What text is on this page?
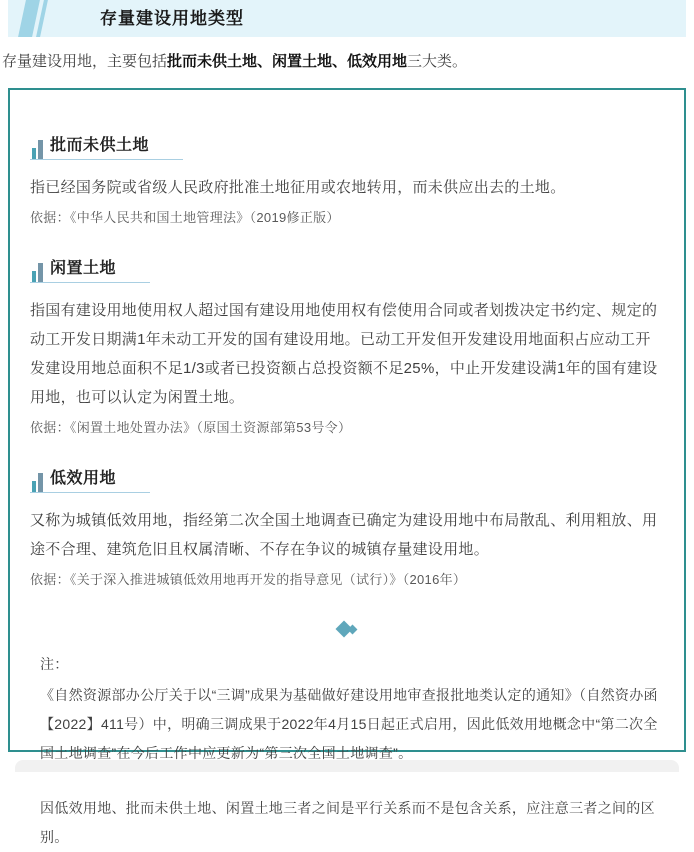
存量建设用地类型

存量建设用地，主要包括批而未供土地、闲置土地、低效用地三大类。

批而未供土地
指已经国务院或省级人民政府批准土地征用或农地转用，而未供应出去的土地。
依据：《中华人民共和国土地管理法》（2019修正版）
闲置土地
指国有建设用地使用权人超过国有建设用地使用权有偿使用合同或者划拨决定书约定、规定的动工开发日期满1年未动工开发的国有建设用地。已动工开发但开发建设用地面积占应动工开发建设用地总面积不足1/3或者已投资额占总投资额不足25%，中止开发建设满1年的国有建设用地，也可以认定为闲置土地。
依据：《闲置土地处置办法》（原国土资源部第53号令）
低效用地
又称为城镇低效用地，指经第二次全国土地调查已确定为建设用地中布局散乱、利用粗放、用途不合理、建筑危旧且权属清晰、不存在争议的城镇存量建设用地。
依据：《关于深入推进城镇低效用地再开发的指导意见（试行）》（2016年）
注：
《自然资源部办公厅关于以“三调”成果为基础做好建设用地审查报批地类认定的通知》（自然资办函【2022】411号）中，明确三调成果于2022年4月15日起正式启用，因此低效用地概念中“第二次全国土地调查”在今后工作中应更新为“第三次全国土地调查”。
因低效用地、批而未供土地、闲置土地三者之间是平行关系而不是包含关系，应注意三者之间的区别。
